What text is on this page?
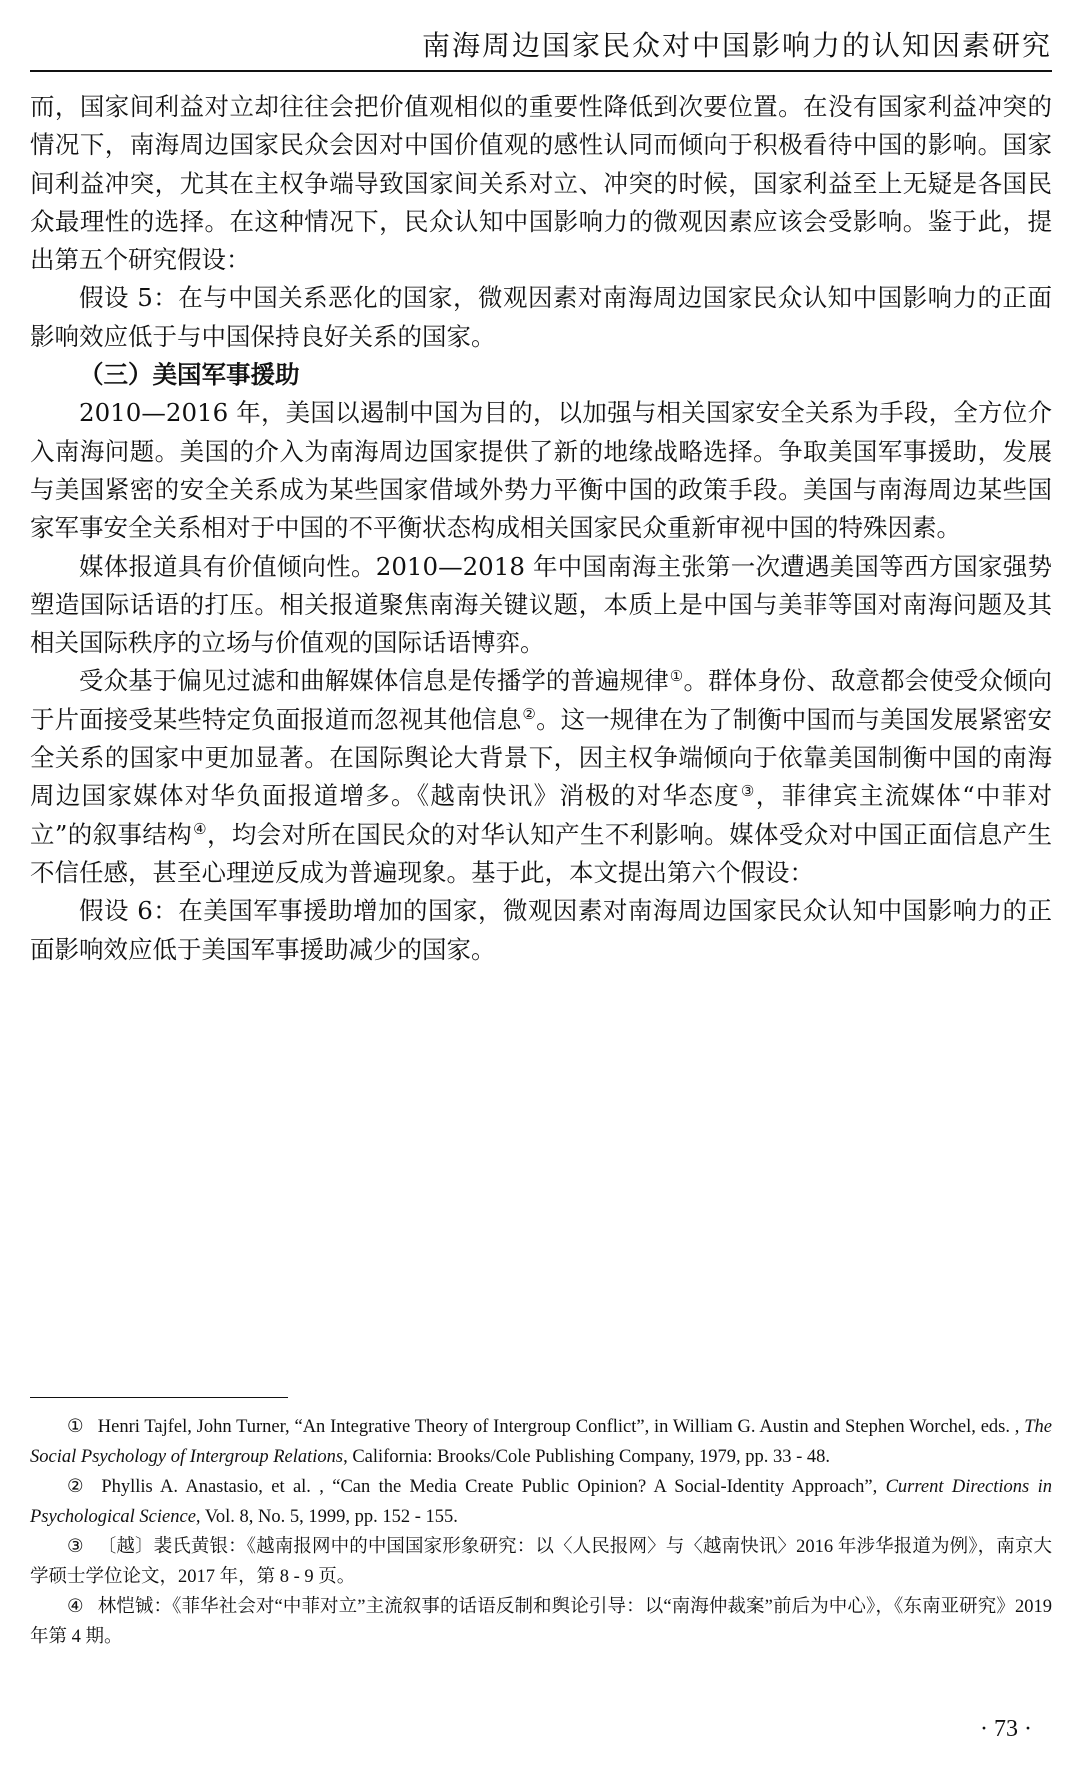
南海周边国家民众对中国影响力的认知因素研究

而，国家间利益对立却往往会把价值观相似的重要性降低到次要位置。在没有国家利益冲突的情况下，南海周边国家民众会因对中国价值观的感性认同而倾向于积极看待中国的影响。国家间利益冲突，尤其在主权争端导致国家间关系对立、冲突的时候，国家利益至上无疑是各国民众最理性的选择。在这种情况下，民众认知中国影响力的微观因素应该会受影响。鉴于此，提出第五个研究假设：

假设 5：在与中国关系恶化的国家，微观因素对南海周边国家民众认知中国影响力的正面影响效应低于与中国保持良好关系的国家。

（三）美国军事援助

2010—2016 年，美国以遏制中国为目的，以加强与相关国家安全关系为手段，全方位介入南海问题。美国的介入为南海周边国家提供了新的地缘战略选择。争取美国军事援助，发展与美国紧密的安全关系成为某些国家借域外势力平衡中国的政策手段。美国与南海周边某些国家军事安全关系相对于中国的不平衡状态构成相关国家民众重新审视中国的特殊因素。

媒体报道具有价值倾向性。2010—2018 年中国南海主张第一次遭遇美国等西方国家强势塑造国际话语的打压。相关报道聚焦南海关键议题，本质上是中国与美菲等国对南海问题及其相关国际秩序的立场与价值观的国际话语博弈。

受众基于偏见过滤和曲解媒体信息是传播学的普遍规律①。群体身份、敌意都会使受众倾向于片面接受某些特定负面报道而忽视其他信息②。这一规律在为了制衡中国而与美国发展紧密安全关系的国家中更加显著。在国际舆论大背景下，因主权争端倾向于依靠美国制衡中国的南海周边国家媒体对华负面报道增多。《越南快讯》消极的对华态度③，菲律宾主流媒体“中菲对立”的叙事结构④，均会对所在国民众的对华认知产生不利影响。媒体受众对中国正面信息产生不信任感，甚至心理逆反成为普遍现象。基于此，本文提出第六个假设：

假设 6：在美国军事援助增加的国家，微观因素对南海周边国家民众认知中国影响力的正面影响效应低于美国军事援助减少的国家。

① Henri Tajfel, John Turner, “An Integrative Theory of Intergroup Conflict”, in William G. Austin and Stephen Worchel, eds. , The Social Psychology of Intergroup Relations, California: Brooks/Cole Publishing Company, 1979, pp. 33 - 48.

② Phyllis A. Anastasio, et al. , “Can the Media Create Public Opinion? A Social-Identity Approach”, Current Directions in Psychological Science, Vol. 8, No. 5, 1999, pp. 152 - 155.

③ 〔越〕裴氏黄银：《越南报网中的中国国家形象研究：以〈人民报网〉与〈越南快讯〉2016 年涉华报道为例》，南京大学硕士学位论文，2017 年，第 8 - 9 页。

④ 林恺铖：《菲华社会对“中菲对立”主流叙事的话语反制和舆论引导：以“南海仲裁案”前后为中心》，《东南亚研究》2019 年第 4 期。

· 73 ·
